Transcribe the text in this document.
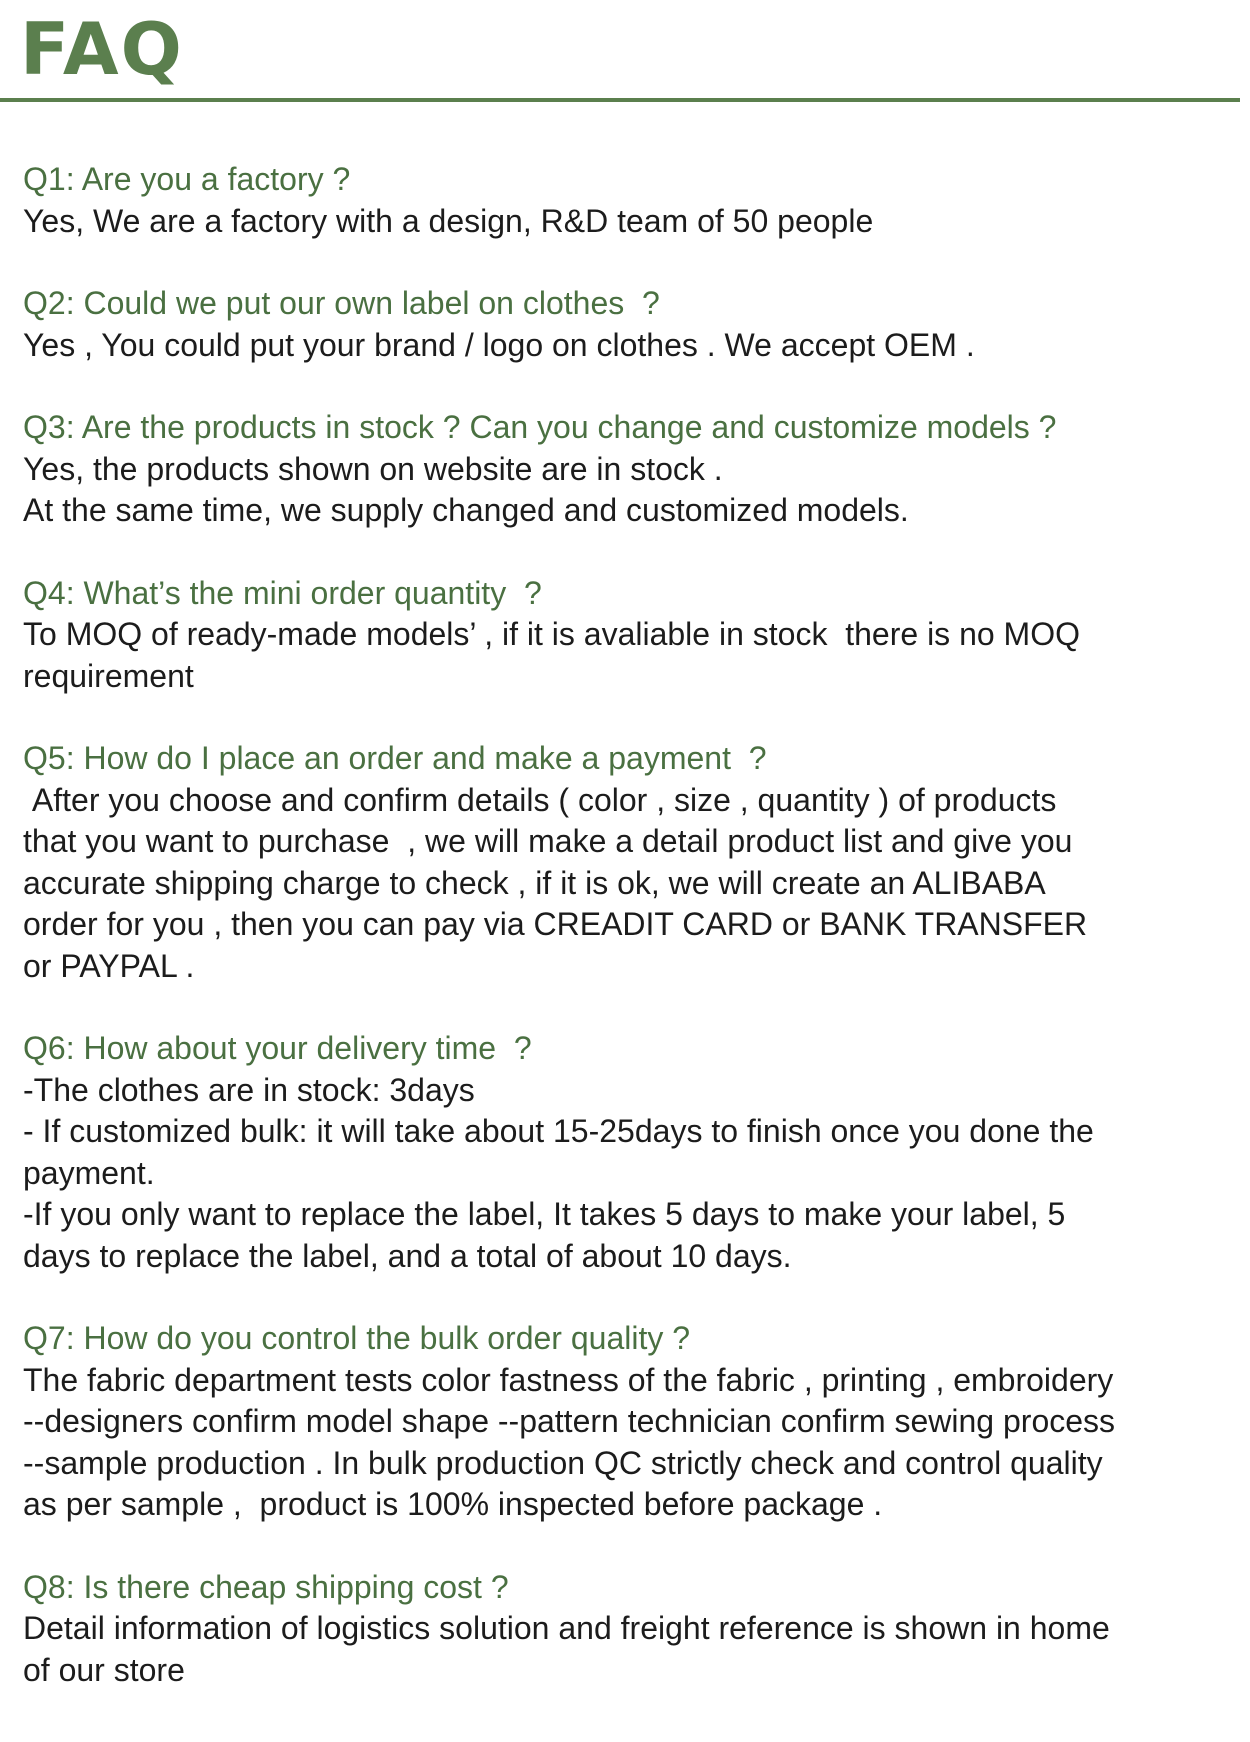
FAQ

Q1: Are you a factory ?

Yes, We are a factory with a design, R&D team of 50 people

Q2: Could we put our own label on clothes  ?

Yes , You could put your brand / logo on clothes . We accept OEM .

Q3: Are the products in stock ? Can you change and customize models ?

Yes, the products shown on website are in stock .

At the same time, we supply changed and customized models.

Q4: What’s the mini order quantity  ?

To MOQ of ready-made models’ , if it is avaliable in stock  there is no MOQ

requirement

Q5: How do I place an order and make a payment  ?

After you choose and confirm details ( color , size , quantity ) of products

that you want to purchase  , we will make a detail product list and give you

accurate shipping charge to check , if it is ok, we will create an ALIBABA

order for you , then you can pay via CREADIT CARD or BANK TRANSFER

or PAYPAL .

Q6: How about your delivery time  ?

-The clothes are in stock: 3days

- If customized bulk: it will take about 15-25days to finish once you done the

payment.

-If you only want to replace the label, It takes 5 days to make your label, 5

days to replace the label, and a total of about 10 days.

Q7: How do you control the bulk order quality ?

The fabric department tests color fastness of the fabric , printing , embroidery

--designers confirm model shape --pattern technician confirm sewing process

--sample production . In bulk production QC strictly check and control quality

as per sample ,  product is 100% inspected before package .

Q8: Is there cheap shipping cost ?

Detail information of logistics solution and freight reference is shown in home

of our store
